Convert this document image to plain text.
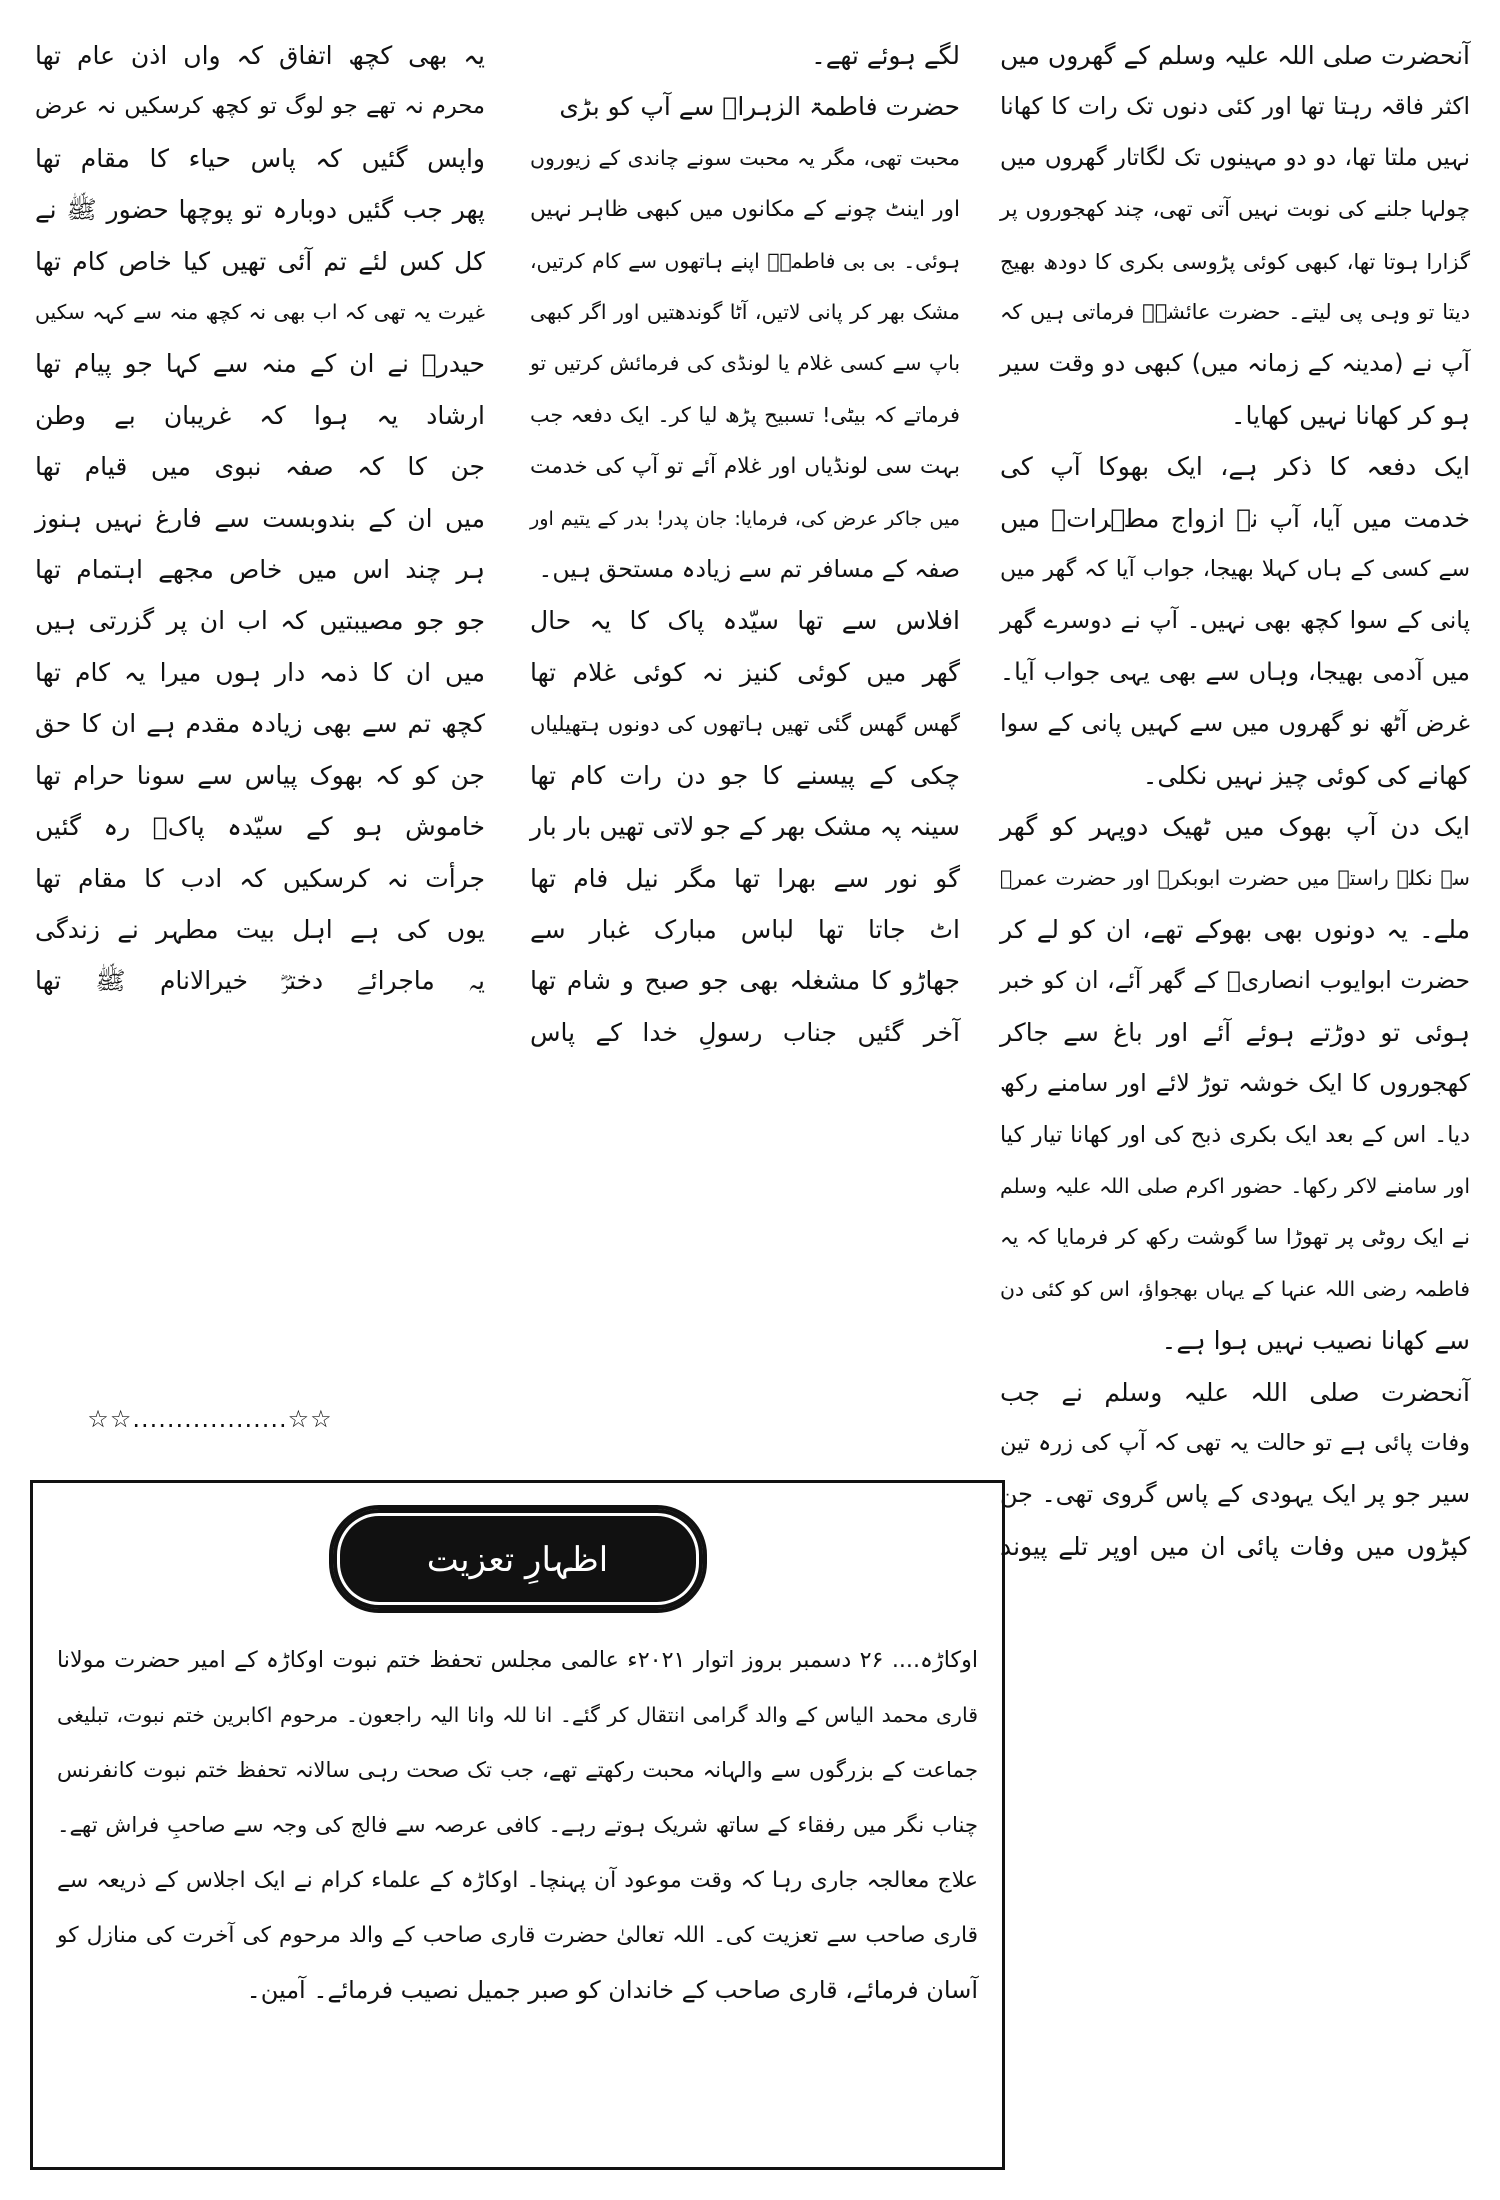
آنحضرت صلی اللہ علیہ وسلم کے گھروں میں
اکثر فاقہ رہتا تھا اور کئی دنوں تک رات کا کھانا
نہیں ملتا تھا، دو دو مہینوں تک لگاتار گھروں میں
چولہا جلنے کی نوبت نہیں آتی تھی، چند کھجوروں پر
گزارا ہوتا تھا، کبھی کوئی پڑوسی بکری کا دودھ بھیج
دیتا تو وہی پی لیتے۔ حضرت عائشہؓ فرماتی ہیں کہ
آپ نے (مدینہ کے زمانہ میں) کبھی دو وقت سیر
ہو کر کھانا نہیں کھایا۔
ایک دفعہ کا ذکر ہے، ایک بھوکا آپ کی
خدمت میں آیا، آپ نے ازواج مطہراتؓ میں
سے کسی کے ہاں کہلا بھیجا، جواب آیا کہ گھر میں
پانی کے سوا کچھ بھی نہیں۔ آپ نے دوسرے گھر
میں آدمی بھیجا، وہاں سے بھی یہی جواب آیا۔
غرض آٹھ نو گھروں میں سے کہیں پانی کے سوا
کھانے کی کوئی چیز نہیں نکلی۔
ایک دن آپ بھوک میں ٹھیک دوپہر کو گھر
سے نکلے راستہ میں حضرت ابوبکرؓ اور حضرت عمرؓ
ملے۔ یہ دونوں بھی بھوکے تھے، ان کو لے کر
حضرت ابوایوب انصاریؓ کے گھر آئے، ان کو خبر
ہوئی تو دوڑتے ہوئے آئے اور باغ سے جاکر
کھجوروں کا ایک خوشہ توڑ لائے اور سامنے رکھ
دیا۔ اس کے بعد ایک بکری ذبح کی اور کھانا تیار کیا
اور سامنے لاکر رکھا۔ حضور اکرم صلی اللہ علیہ وسلم
نے ایک روٹی پر تھوڑا سا گوشت رکھ کر فرمایا کہ یہ
فاطمہ رضی اللہ عنہا کے یہاں بھجواؤ، اس کو کئی دن
سے کھانا نصیب نہیں ہوا ہے۔
آنحضرت صلی اللہ علیہ وسلم نے جب
وفات پائی ہے تو حالت یہ تھی کہ آپ کی زرہ تین
سیر جو پر ایک یہودی کے پاس گروی تھی۔ جن
کپڑوں میں وفات پائی ان میں اوپر تلے پیوند
لگے ہوئے تھے۔
حضرت فاطمۃ الزہراؓ سے آپ کو بڑی
محبت تھی، مگر یہ محبت سونے چاندی کے زیوروں
اور اینٹ چونے کے مکانوں میں کبھی ظاہر نہیں
ہوئی۔ بی بی فاطمہؓ اپنے ہاتھوں سے کام کرتیں،
مشک بھر کر پانی لاتیں، آٹا گوندھتیں اور اگر کبھی
باپ سے کسی غلام یا لونڈی کی فرمائش کرتیں تو
فرماتے کہ بیٹی! تسبیح پڑھ لیا کر۔ ایک دفعہ جب
بہت سی لونڈیاں اور غلام آئے تو آپ کی خدمت
میں جاکر عرض کی، فرمایا: جان پدر! بدر کے یتیم اور
صفہ کے مسافر تم سے زیادہ مستحق ہیں۔
افلاس سے تھا سیّدہ پاک کا یہ حال
گھر میں کوئی کنیز نہ کوئی غلام تھا
گھس گھس گئی تھیں ہاتھوں کی دونوں ہتھیلیاں
چکی کے پیسنے کا جو دن رات کام تھا
سینہ پہ مشک بھر کے جو لاتی تھیں بار بار
گو نور سے بھرا تھا مگر نیل فام تھا
اٹ جاتا تھا لباس مبارک غبار سے
جھاڑو کا مشغلہ بھی جو صبح و شام تھا
آخر گئیں جناب رسولِ خدا کے پاس
یہ بھی کچھ اتفاق کہ واں اذن عام تھا
محرم نہ تھے جو لوگ تو کچھ کرسکیں نہ عرض
واپس گئیں کہ پاس حیاء کا مقام تھا
پھر جب گئیں دوبارہ تو پوچھا حضور ﷺ نے
کل کس لئے تم آئی تھیں کیا خاص کام تھا
غیرت یہ تھی کہ اب بھی نہ کچھ منہ سے کہہ سکیں
حیدرؓ نے ان کے منہ سے کہا جو پیام تھا
ارشاد یہ ہوا کہ غریبان بے وطن
جن کا کہ صفہ نبوی میں قیام تھا
میں ان کے بندوبست سے فارغ نہیں ہنوز
ہر چند اس میں خاص مجھے اہتمام تھا
جو جو مصیبتیں کہ اب ان پر گزرتی ہیں
میں ان کا ذمہ دار ہوں میرا یہ کام تھا
کچھ تم سے بھی زیادہ مقدم ہے ان کا حق
جن کو کہ بھوک پیاس سے سونا حرام تھا
خاموش ہو کے سیّدہ پاکؓ رہ گئیں
جرأت نہ کرسکیں کہ ادب کا مقام تھا
یوں کی ہے اہل بیت مطہر نے زندگی
یہ ماجرائے دخترؓ خیرالانام ﷺ تھا
☆☆..................☆☆
اظہارِ تعزیت
اوکاڑہ.... ۲۶ دسمبر بروز اتوار ۲۰۲۱ء عالمی مجلس تحفظ ختم نبوت اوکاڑہ کے امیر حضرت مولانا
قاری محمد الیاس کے والد گرامی انتقال کر گئے۔ انا للہ وانا الیہ راجعون۔ مرحوم اکابرین ختم نبوت، تبلیغی
جماعت کے بزرگوں سے والہانہ محبت رکھتے تھے، جب تک صحت رہی سالانہ تحفظ ختم نبوت کانفرنس
چناب نگر میں رفقاء کے ساتھ شریک ہوتے رہے۔ کافی عرصہ سے فالج کی وجہ سے صاحبِ فراش تھے۔
علاج معالجہ جاری رہا کہ وقت موعود آن پہنچا۔ اوکاڑہ کے علماء کرام نے ایک اجلاس کے ذریعہ سے
قاری صاحب سے تعزیت کی۔ اللہ تعالیٰ حضرت قاری صاحب کے والد مرحوم کی آخرت کی منازل کو
آسان فرمائے، قاری صاحب کے خاندان کو صبر جمیل نصیب فرمائے۔ آمین۔
